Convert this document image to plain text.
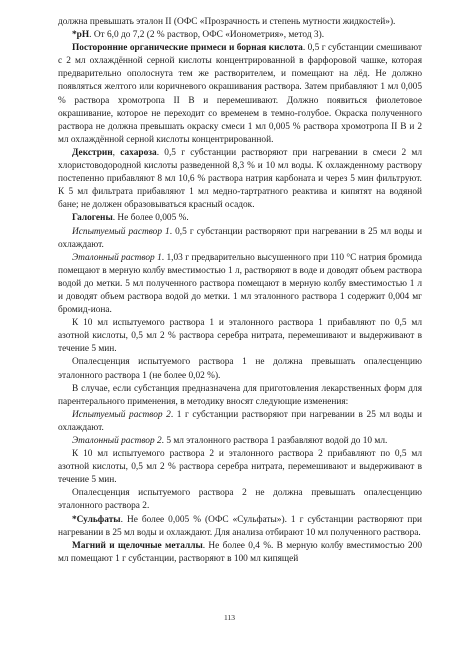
должна превышать эталон II (ОФС «Прозрачность и степень мутности жидкостей»).

*рН. От 6,0 до 7,2 (2 % раствор, ОФС «Ионометрия», метод 3).

Посторонние органические примеси и борная кислота. 0,5 г субстанции смешивают с 2 мл охлаждённой серной кислоты концентрированной в фарфоровой чашке, которая предварительно ополоснута тем же растворителем, и помещают на лёд. Не должно появляться желтого или коричневого окрашивания раствора. Затем прибавляют 1 мл 0,005 % раствора хромотропа II В и перемешивают. Должно появиться фиолетовое окрашивание, которое не переходит со временем в темно-голубое. Окраска полученного раствора не должна превышать окраску смеси 1 мл 0,005 % раствора хромотропа II В и 2 мл охлаждённой серной кислоты концентрированной.

Декстрин, сахароза. 0,5 г субстанции растворяют при нагревании в смеси 2 мл хлористоводородной кислоты разведенной 8,3 % и 10 мл воды. К охлажденному раствору постепенно прибавляют 8 мл 10,6 % раствора натрия карбоната и через 5 мин фильтруют. К 5 мл фильтрата прибавляют 1 мл медно-тартратного реактива и кипятят на водяной бане; не должен образовываться красный осадок.

Галогены. Не более 0,005 %.

Испытуемый раствор 1. 0,5 г субстанции растворяют при нагревании в 25 мл воды и охлаждают.

Эталонный раствор 1. 1,03 г предварительно высушенного при 110 °С натрия бромида помещают в мерную колбу вместимостью 1 л, растворяют в воде и доводят объем раствора водой до метки. 5 мл полученного раствора помещают в мерную колбу вместимостью 1 л и доводят объем раствора водой до метки. 1 мл эталонного раствора 1 содержит 0,004 мг бромид-иона.

К 10 мл испытуемого раствора 1 и эталонного раствора 1 прибавляют по 0,5 мл азотной кислоты, 0,5 мл 2 % раствора серебра нитрата, перемешивают и выдерживают в течение 5 мин.

Опалесценция испытуемого раствора 1 не должна превышать опалесценцию эталонного раствора 1 (не более 0,02 %).

В случае, если субстанция предназначена для приготовления лекарственных форм для парентерального применения, в методику вносят следующие изменения:

Испытуемый раствор 2. 1 г субстанции растворяют при нагревании в 25 мл воды и охлаждают.

Эталонный раствор 2. 5 мл эталонного раствора 1 разбавляют водой до 10 мл.

К 10 мл испытуемого раствора 2 и эталонного раствора 2 прибавляют по 0,5 мл азотной кислоты, 0,5 мл 2 % раствора серебра нитрата, перемешивают и выдерживают в течение 5 мин.

Опалесценция испытуемого раствора 2 не должна превышать опалесценцию эталонного раствора 2.

*Сульфаты. Не более 0,005 % (ОФС «Сульфаты»). 1 г субстанции растворяют при нагревании в 25 мл воды и охлаждают. Для анализа отбирают 10 мл полученного раствора.

Магний и щелочные металлы. Не более 0,4 %. В мерную колбу вместимостью 200 мл помещают 1 г субстанции, растворяют в 100 мл кипящей

113
